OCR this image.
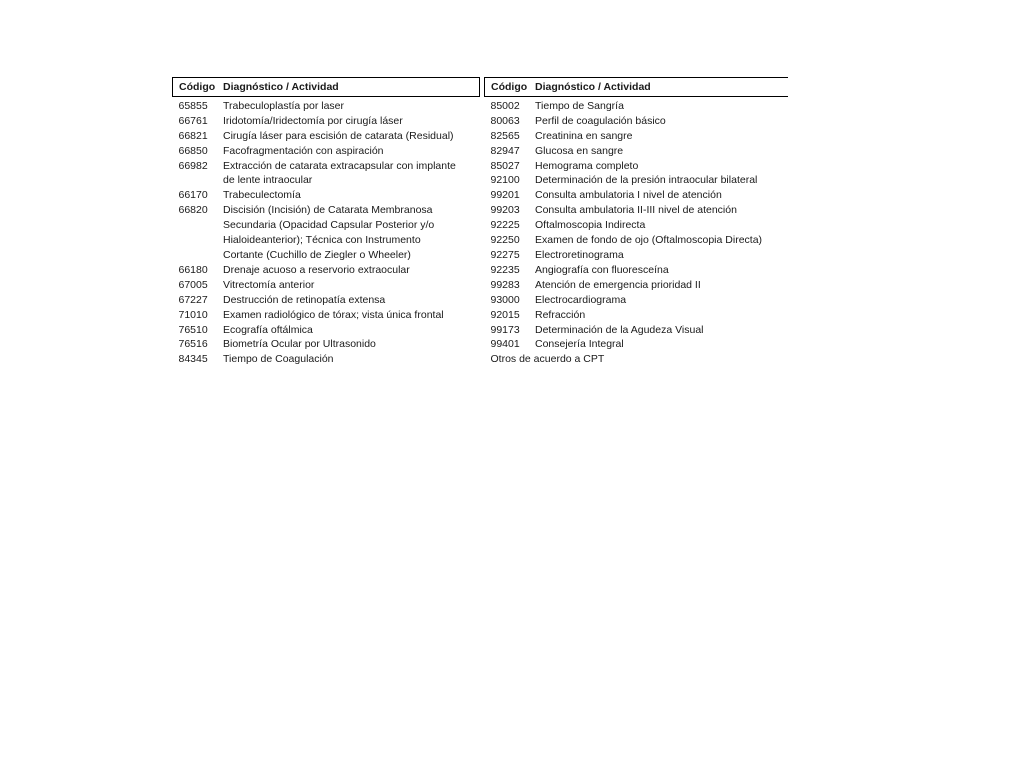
Código	Diagnóstico / Actividad
65855	Trabeculoplastía por laser
66761	Iridotomía/Iridectomía por cirugía láser
66821	Cirugía láser para escisión de catarata (Residual)
66850	Facofragmentación con aspiración
66982	Extracción de catarata extracapsular con implante
	de lente intraocular
66170	Trabeculectomía
66820	Discisión (Incisión) de Catarata Membranosa
	Secundaria (Opacidad Capsular Posterior y/o
	Hialoideanterior); Técnica con Instrumento
	Cortante (Cuchillo de Ziegler o Wheeler)
66180	Drenaje acuoso a reservorio extraocular
67005	Vitrectomía anterior
67227	Destrucción de retinopatía extensa
71010	Examen radiológico de tórax; vista única frontal
76510	Ecografía oftálmica
76516	Biometría Ocular por Ultrasonido
84345	Tiempo de Coagulación
Código	Diagnóstico / Actividad
85002	Tiempo de Sangría
80063	Perfil de coagulación básico
82565	Creatinina en sangre
82947	Glucosa en sangre
85027	Hemograma completo
92100	Determinación de la presión intraocular bilateral
99201	Consulta ambulatoria I nivel de atención
99203	Consulta ambulatoria II-III nivel de atención
92225	Oftalmoscopia Indirecta
92250	Examen de fondo de ojo (Oftalmoscopia Directa)
92275	Electroretinograma
92235	Angiografía con fluoresceína
99283	Atención de emergencia prioridad II
93000	Electrocardiograma
92015	Refracción
99173	Determinación de la Agudeza Visual
99401	Consejería Integral
Otros de acuerdo a CPT	
